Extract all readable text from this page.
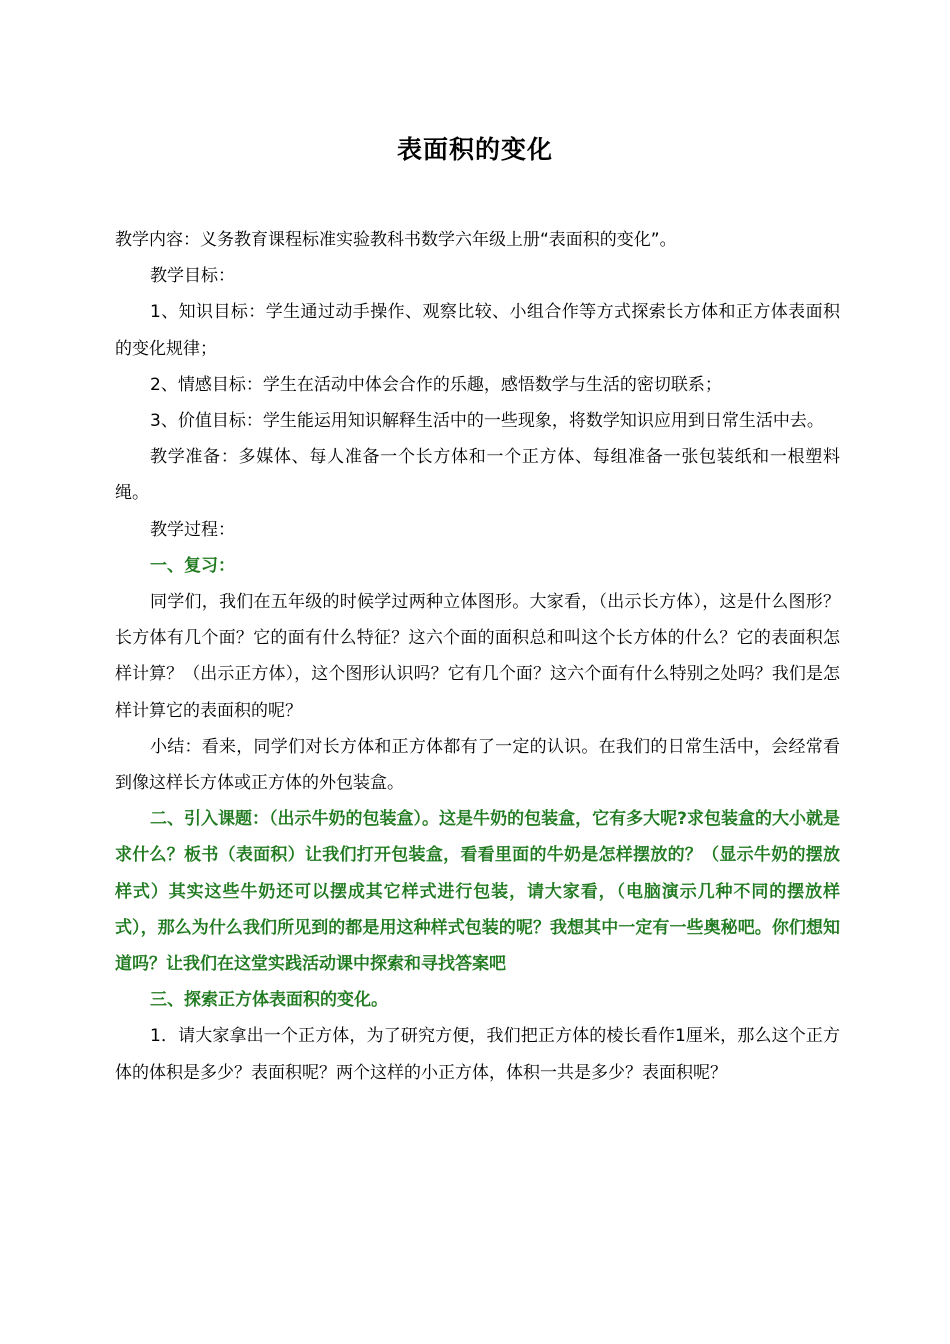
表面积的变化

教学内容：义务教育课程标准实验教科书数学六年级上册“表面积的变化”。

教学目标：

1、知识目标：学生通过动手操作、观察比较、小组合作等方式探索长方体和正方体表面积的变化规律；

2、情感目标：学生在活动中体会合作的乐趣，感悟数学与生活的密切联系；

3、价值目标：学生能运用知识解释生活中的一些现象，将数学知识应用到日常生活中去。

教学准备：多媒体、每人准备一个长方体和一个正方体、每组准备一张包装纸和一根塑料绳。

教学过程：

一、复习：

同学们，我们在五年级的时候学过两种立体图形。大家看，（出示长方体），这是什么图形？长方体有几个面？它的面有什么特征？这六个面的面积总和叫这个长方体的什么？它的表面积怎样计算？（出示正方体），这个图形认识吗？它有几个面？这六个面有什么特别之处吗？我们是怎样计算它的表面积的呢？

小结：看来，同学们对长方体和正方体都有了一定的认识。在我们的日常生活中，会经常看到像这样长方体或正方体的外包装盒。

二、引入课题：（出示牛奶的包装盒）。这是牛奶的包装盒，它有多大呢?求包装盒的大小就是求什么？板书（表面积）让我们打开包装盒，看看里面的牛奶是怎样摆放的？（显示牛奶的摆放样式）其实这些牛奶还可以摆成其它样式进行包装，请大家看，（电脑演示几种不同的摆放样式），那么为什么我们所见到的都是用这种样式包装的呢？我想其中一定有一些奥秘吧。你们想知道吗？让我们在这堂实践活动课中探索和寻找答案吧

三、探索正方体表面积的变化。

1．请大家拿出一个正方体，为了研究方便，我们把正方体的棱长看作1厘米，那么这个正方体的体积是多少？表面积呢？两个这样的小正方体，体积一共是多少？表面积呢？
